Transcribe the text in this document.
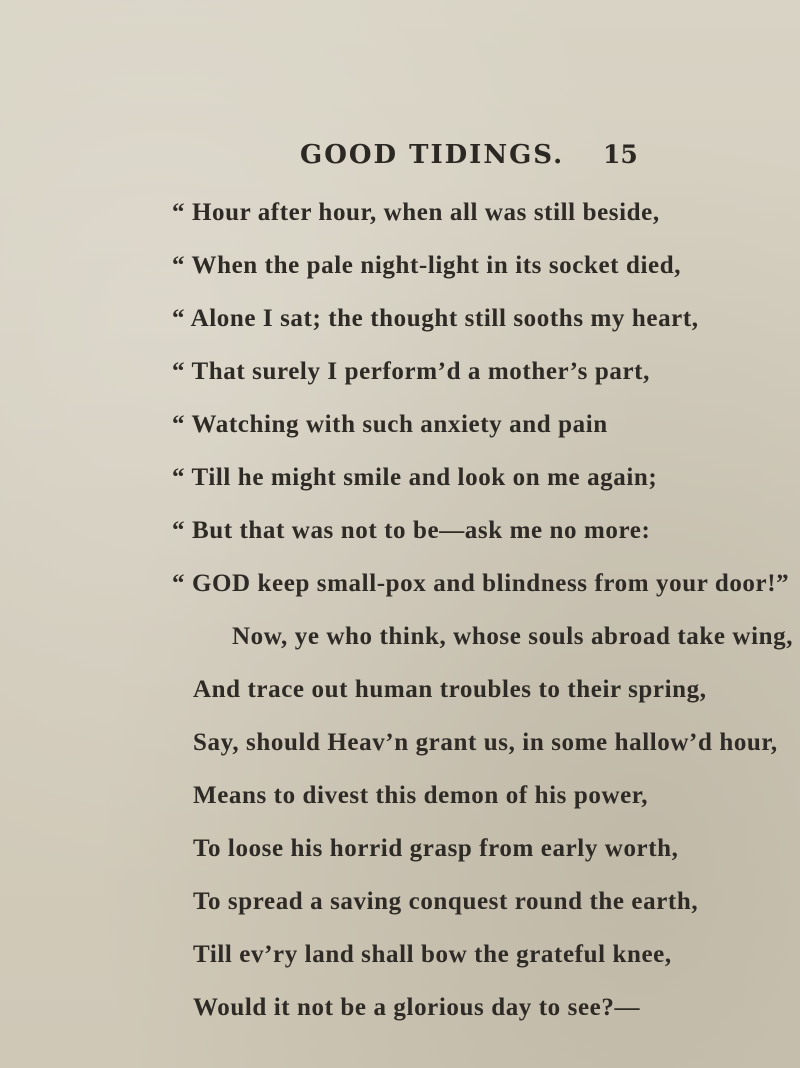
GOOD TIDINGS. 15
“ Hour after hour, when all was still beside,
“ When the pale night-light in its socket died,
“ Alone I sat; the thought still sooths my heart,
“ That surely I perform’d a mother’s part,
“ Watching with such anxiety and pain
“ Till he might smile and look on me again;
“ But that was not to be—ask me no more:
“ GOD keep small-pox and blindness from your door!”
Now, ye who think, whose souls abroad take wing,
And trace out human troubles to their spring,
Say, should Heav’n grant us, in some hallow’d hour,
Means to divest this demon of his power,
To loose his horrid grasp from early worth,
To spread a saving conquest round the earth,
Till ev’ry land shall bow the grateful knee,
Would it not be a glorious day to see?—
